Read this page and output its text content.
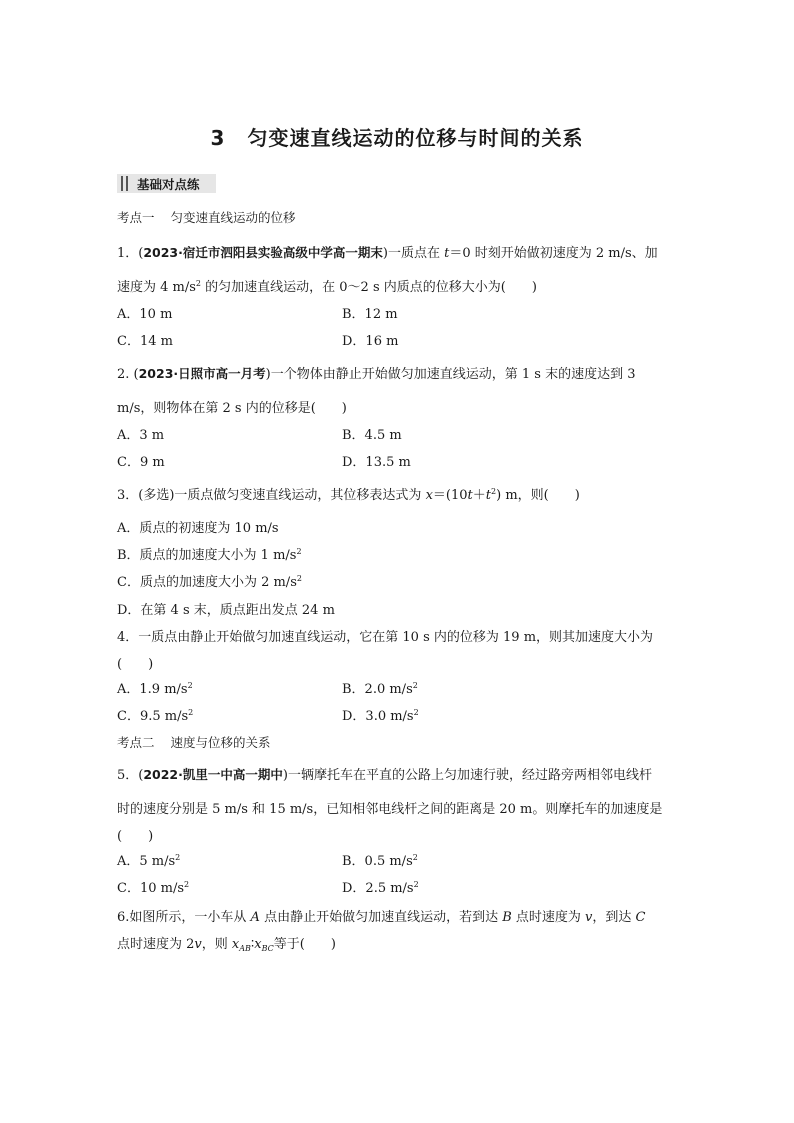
3 匀变速直线运动的位移与时间的关系
基础对点练
考点一 匀变速直线运动的位移
1．(2023·宿迁市泗阳县实验高级中学高一期末)一质点在 t＝0 时刻开始做初速度为 2 m/s、加
速度为 4 $m/s^2$ 的匀加速直线运动，在 0～2 s 内质点的位移大小为(　　)
A．10 m	B．12 m
C．14 m	D．16 m
2. (2023·日照市高一月考)一个物体由静止开始做匀加速直线运动，第 1 s 末的速度达到 3
m/s，则物体在第 2 s 内的位移是(　　)
A．3 m	B．4.5 m
C．9 m	D．13.5 m
3．(多选)一质点做匀变速直线运动，其位移表达式为 $x=(10t+t^2)$ m，则(　　)
A．质点的初速度为 10 m/s
B．质点的加速度大小为 1 $m/s^2$
C．质点的加速度大小为 2 $m/s^2$
D．在第 4 s 末，质点距出发点 24 m
4．一质点由静止开始做匀加速直线运动，它在第 10 s 内的位移为 19 m，则其加速度大小为
(　　)
A．1.9 $m/s^2$	B．2.0 $m/s^2$
C．9.5 $m/s^2$	D．3.0 $m/s^2$
考点二 速度与位移的关系
5．(2022·凯里一中高一期中)一辆摩托车在平直的公路上匀加速行驶，经过路旁两相邻电线杆
时的速度分别是 5 m/s 和 15 m/s，已知相邻电线杆之间的距离是 20 m。则摩托车的加速度是
(　　)
A．5 $m/s^2$	B．0.5 $m/s^2$
C．10 $m/s^2$	D．2.5 $m/s^2$
6.如图所示，一小车从 A 点由静止开始做匀加速直线运动，若到达 B 点时速度为 v，到达 C
点时速度为 2v，则 $x_{AB}∶x_{BC}$等于(　　)
